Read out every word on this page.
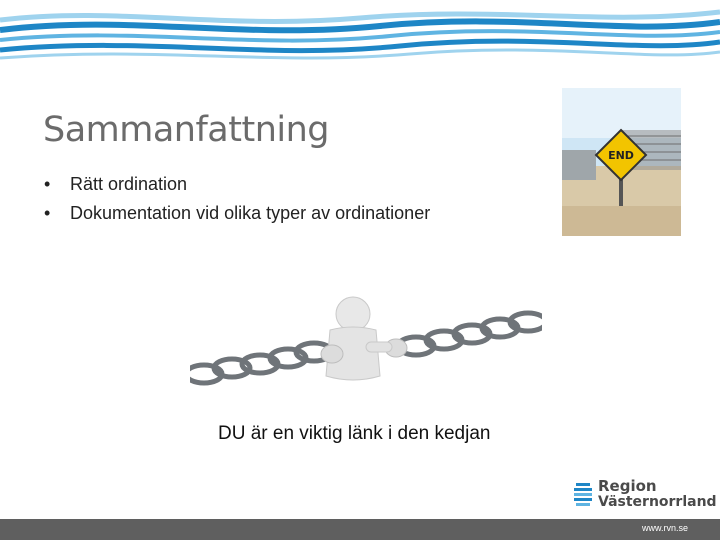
Sammanfattning
•	Rätt ordination
•	Dokumentation vid olika typer av ordinationer
END
DU är en viktig länk i den kedjan
Region
Västernorrland
www.rvn.se
